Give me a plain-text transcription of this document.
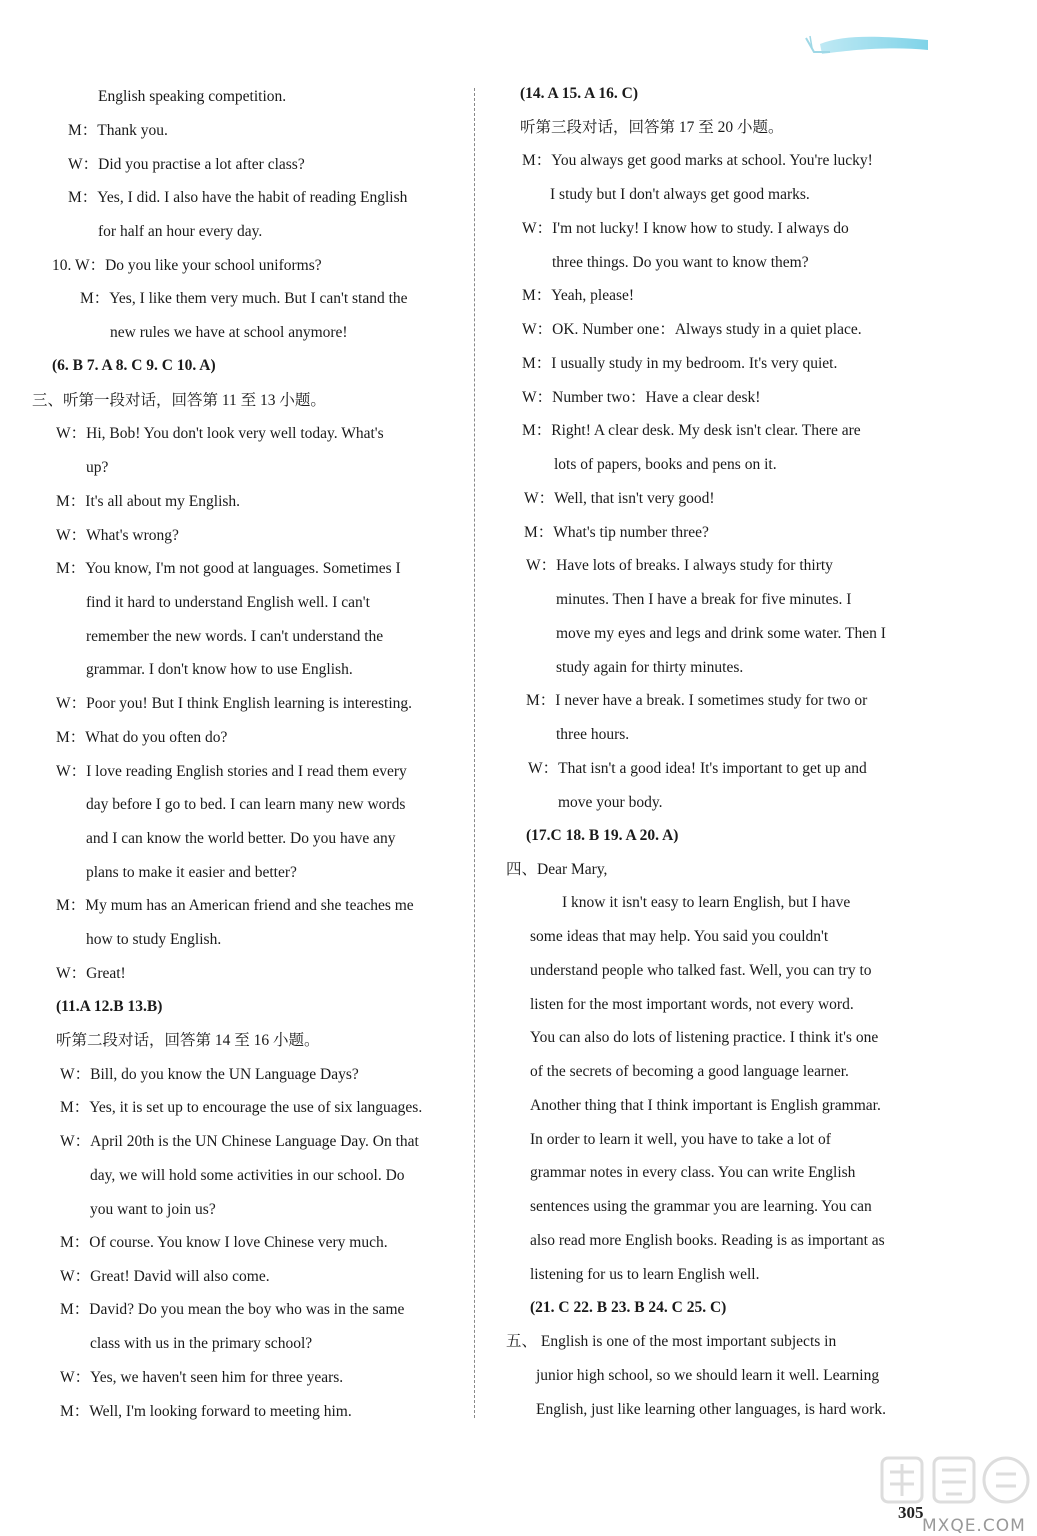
English speaking competition.
M：Thank you.
W：Did you practise a lot after class?
M：Yes, I did. I also have the habit of reading English
for half an hour every day.
10. W：Do you like your school uniforms?
M：Yes, I like them very much. But I can't stand the
new rules we have at school anymore!
(6. B 7. A 8. C 9. C 10. A)
三、听第一段对话，回答第 11 至 13 小题。
W：Hi, Bob! You don't look very well today. What's
up?
M：It's all about my English.
W：What's wrong?
M：You know, I'm not good at languages. Sometimes I
find it hard to understand English well. I can't
remember the new words. I can't understand the
grammar. I don't know how to use English.
W：Poor you! But I think English learning is interesting.
M：What do you often do?
W：I love reading English stories and I read them every
day before I go to bed. I can learn many new words
and I can know the world better. Do you have any
plans to make it easier and better?
M：My mum has an American friend and she teaches me
how to study English.
W：Great!
(11.A 12.B 13.B)
听第二段对话，回答第 14 至 16 小题。
W：Bill, do you know the UN Language Days?
M：Yes, it is set up to encourage the use of six languages.
W：April 20th is the UN Chinese Language Day. On that
day, we will hold some activities in our school. Do
you want to join us?
M：Of course. You know I love Chinese very much.
W：Great! David will also come.
M：David? Do you mean the boy who was in the same
class with us in the primary school?
W：Yes, we haven't seen him for three years.
M：Well, I'm looking forward to meeting him.
(14. A 15. A 16. C)
听第三段对话，回答第 17 至 20 小题。
M：You always get good marks at school. You're lucky!
I study but I don't always get good marks.
W：I'm not lucky! I know how to study. I always do
three things. Do you want to know them?
M：Yeah, please!
W：OK. Number one：Always study in a quiet place.
M：I usually study in my bedroom. It's very quiet.
W：Number two：Have a clear desk!
M：Right! A clear desk. My desk isn't clear. There are
lots of papers, books and pens on it.
W：Well, that isn't very good!
M：What's tip number three?
W：Have lots of breaks. I always study for thirty
minutes. Then I have a break for five minutes. I
move my eyes and legs and drink some water. Then I
study again for thirty minutes.
M：I never have a break. I sometimes study for two or
three hours.
W：That isn't a good idea! It's important to get up and
move your body.
(17.C 18. B 19. A 20. A)
四、Dear Mary,
I know it isn't easy to learn English, but I have
some ideas that may help. You said you couldn't
understand people who talked fast. Well, you can try to
listen for the most important words, not every word.
You can also do lots of listening practice. I think it's one
of the secrets of becoming a good language learner.
Another thing that I think important is English grammar.
In order to learn it well, you have to take a lot of
grammar notes in every class. You can write English
sentences using the grammar you are learning. You can
also read more English books. Reading is as important as
listening for us to learn English well.
(21. C 22. B 23. B 24. C 25. C)
五、 English is one of the most important subjects in
junior high school, so we should learn it well. Learning
English, just like learning other languages, is hard work.
MXQE.COM
305
